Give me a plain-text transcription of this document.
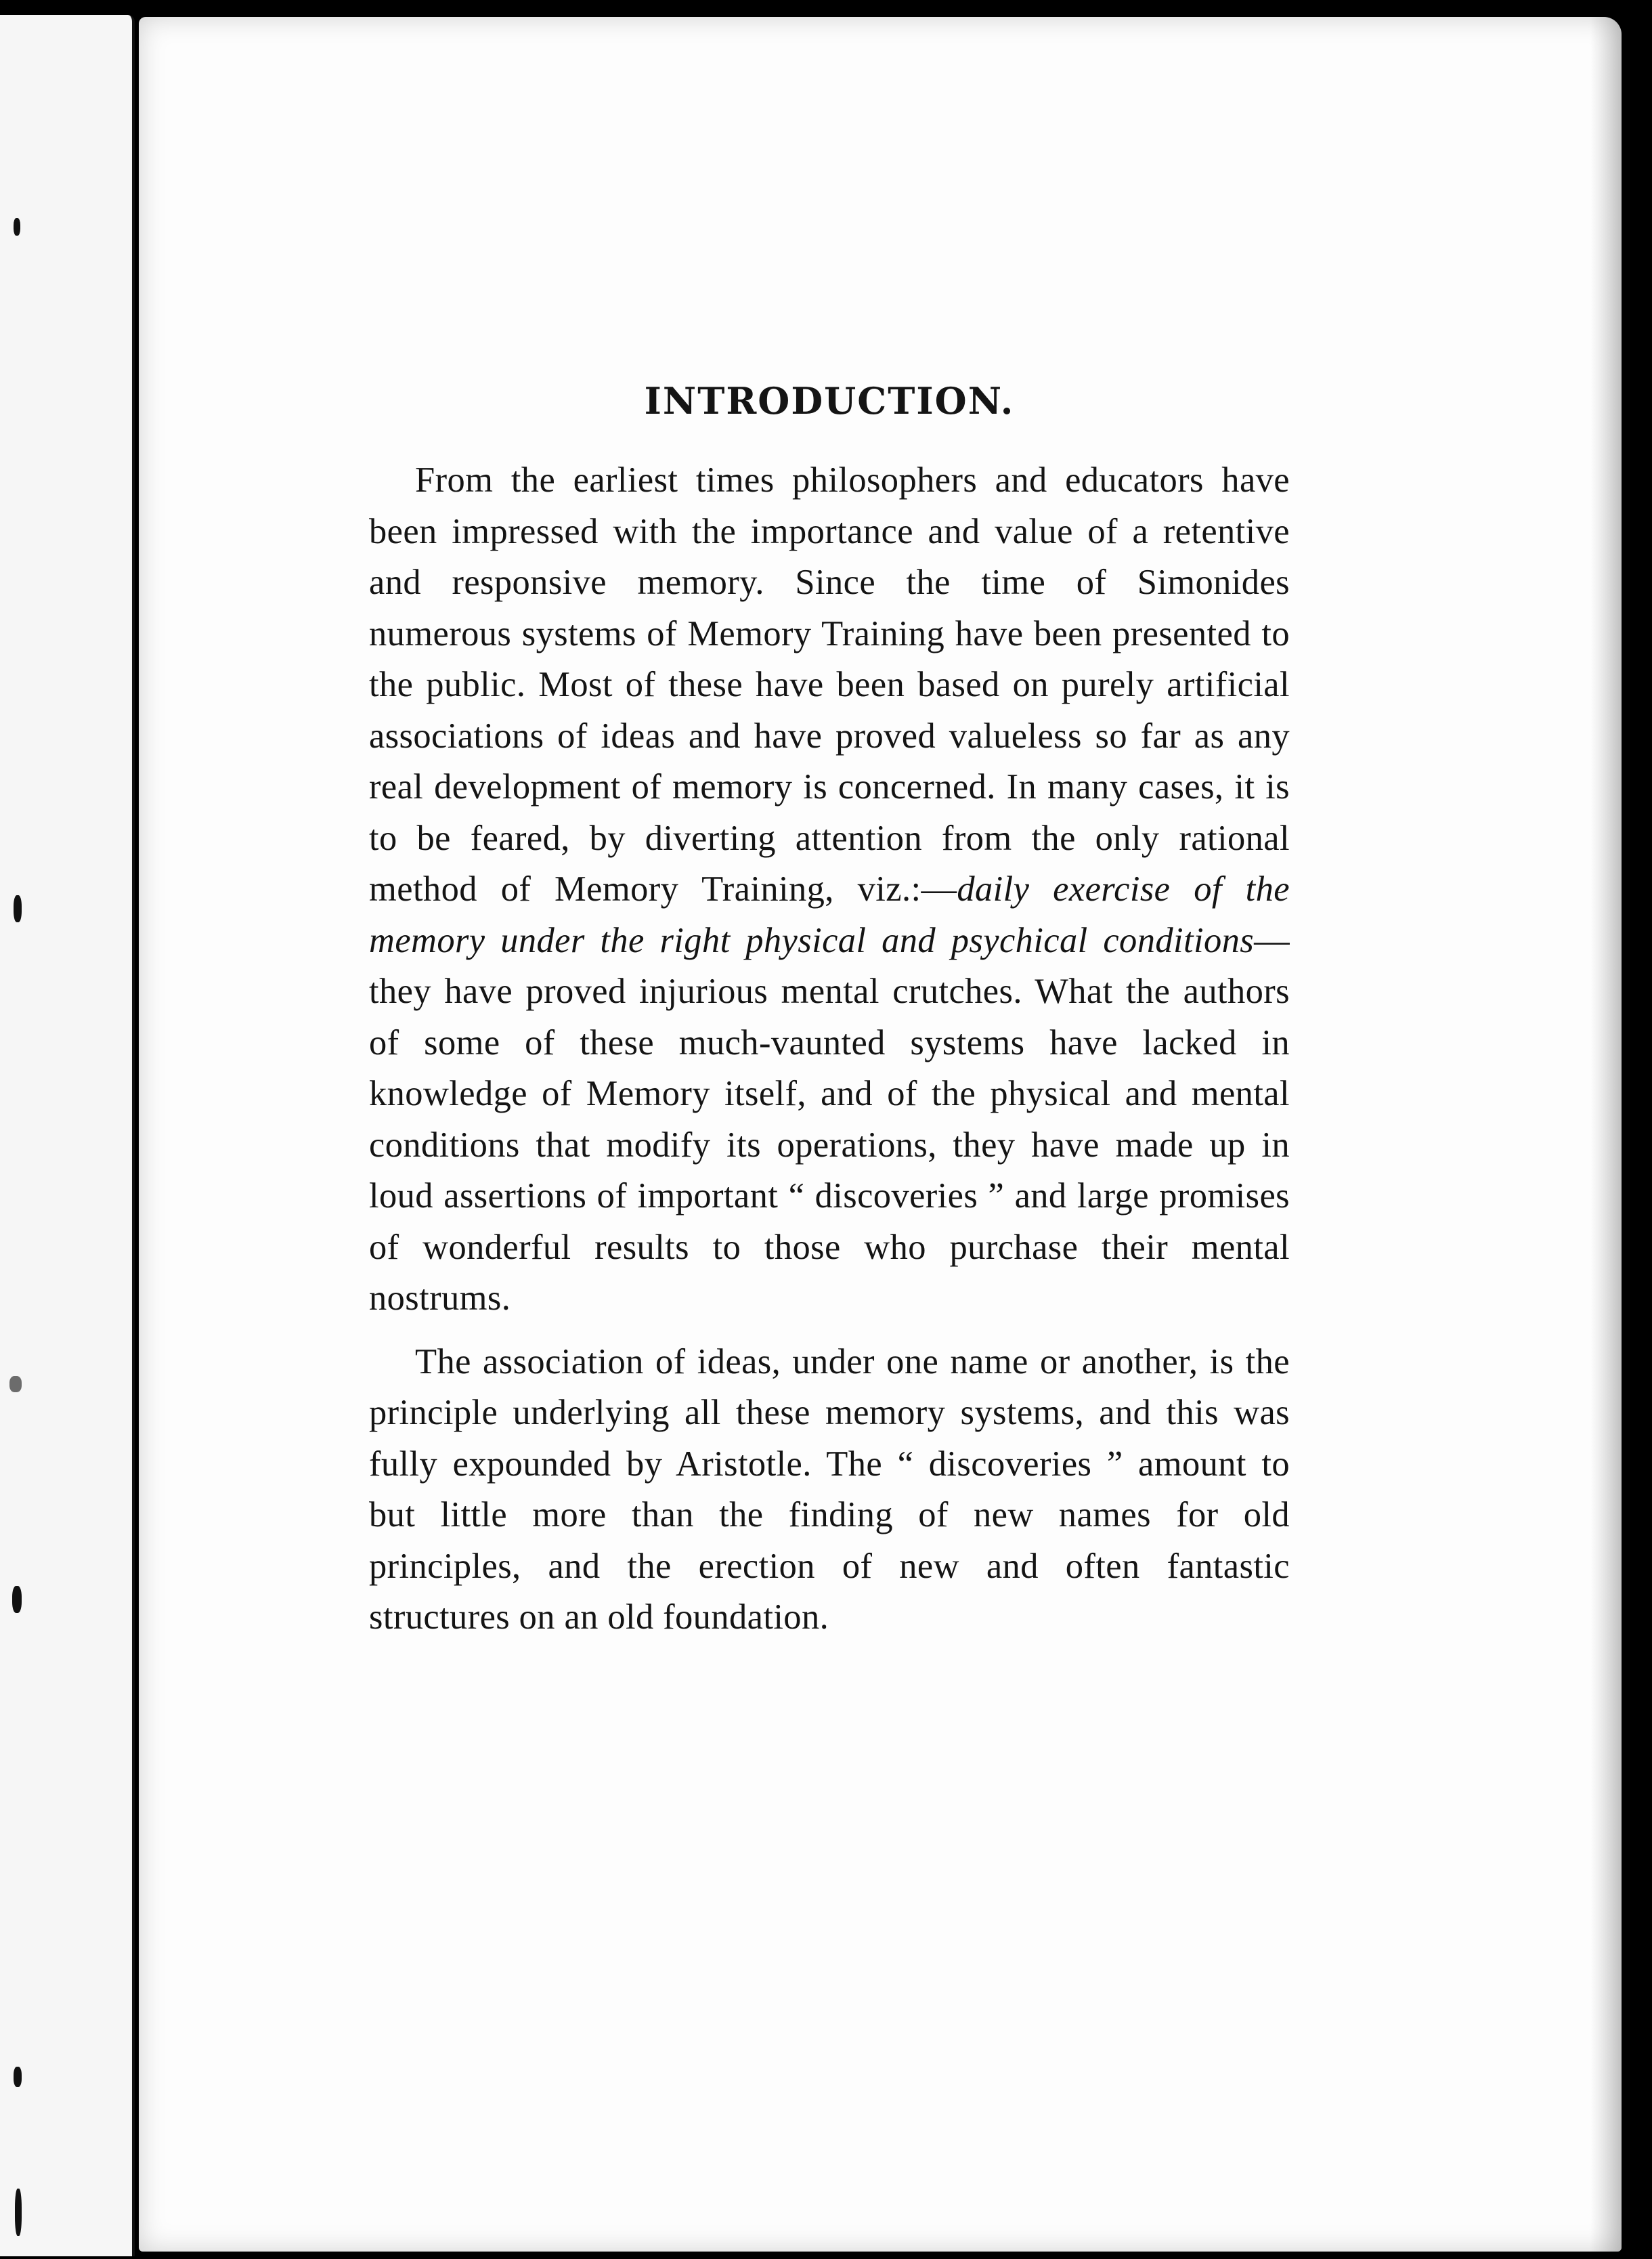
INTRODUCTION.

From the earliest times philosophers and educators have been impressed with the importance and value of a retentive and responsive memory. Since the time of Simonides numerous systems of Memory Training have been presented to the public. Most of these have been based on purely artificial associations of ideas and have proved valueless so far as any real development of memory is concerned. In many cases, it is to be feared, by diverting attention from the only rational method of Memory Training, viz.:—daily exercise of the memory under the right physical and psychical conditions—they have proved injurious mental crutches. What the authors of some of these much-vaunted systems have lacked in knowledge of Memory itself, and of the physical and mental conditions that modify its operations, they have made up in loud assertions of important “ discoveries ” and large promises of wonderful results to those who purchase their mental nostrums.

The association of ideas, under one name or another, is the principle underlying all these memory systems, and this was fully expounded by Aristotle. The “ discoveries ” amount to but little more than the finding of new names for old principles, and the erection of new and often fantastic structures on an old foundation.
